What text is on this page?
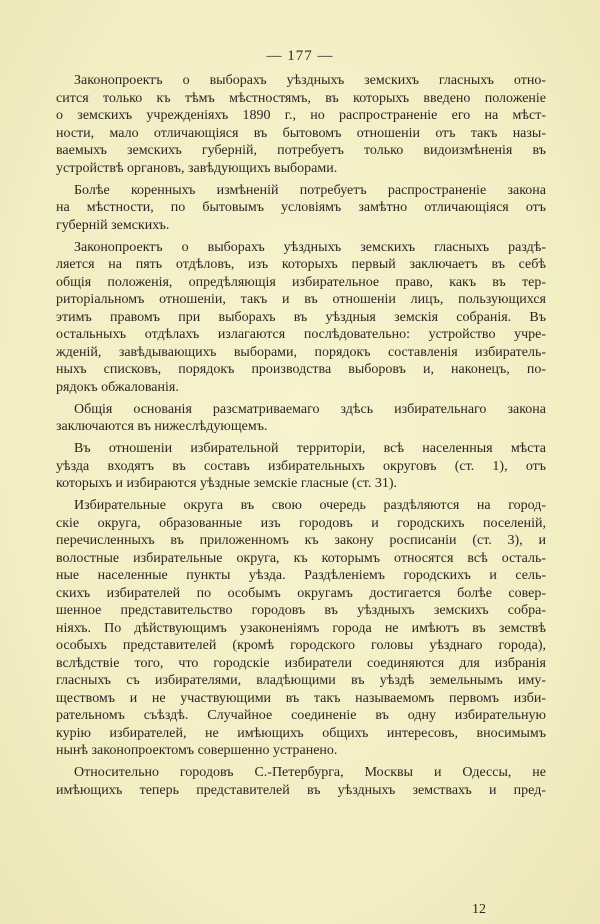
— 177 —
Законопроектъ о выборахъ уѣздныхъ земскихъ гласныхъ отно-
сится только къ тѣмъ мѣстностямъ, въ которыхъ введено положеніе
о земскихъ учрежденіяхъ 1890 г., но распространеніе его на мѣст-
ности, мало отличающіяся въ бытовомъ отношеніи отъ такъ назы-
ваемыхъ земскихъ губерній, потребуетъ только видоизмѣненія въ
устройствѣ органовъ, завѣдующихъ выборами.
Болѣе коренныхъ измѣненій потребуетъ распространеніе закона
на мѣстности, по бытовымъ условіямъ замѣтно отличающіяся отъ
губерній земскихъ.
Законопроектъ о выборахъ уѣздныхъ земскихъ гласныхъ раздѣ-
ляется на пять отдѣловъ, изъ которыхъ первый заключаетъ въ себѣ
общія положенія, опредѣляющія избирательное право, какъ въ тер-
риторіальномъ отношеніи, такъ и въ отношеніи лицъ, пользующихся
этимъ правомъ при выборахъ въ уѣздныя земскія собранія. Въ
остальныхъ отдѣлахъ излагаются послѣдовательно: устройство учре-
жденій, завѣдывающихъ выборами, порядокъ составленія избиратель-
ныхъ списковъ, порядокъ производства выборовъ и, наконецъ, по-
рядокъ обжалованія.
Общія основанія разсматриваемаго здѣсь избирательнаго закона
заключаются въ нижеслѣдующемъ.
Въ отношеніи избирательной территоріи, всѣ населенныя мѣста
уѣзда входятъ въ составъ избирательныхъ округовъ (ст. 1), отъ
которыхъ и избираются уѣздные земскіе гласные (ст. 31).
Избирательные округа въ свою очередь раздѣляются на город-
скіе округа, образованные изъ городовъ и городскихъ поселеній,
перечисленныхъ въ приложенномъ къ закону росписаніи (ст. 3), и
волостные избирательные округа, къ которымъ относятся всѣ осталь-
ные населенные пункты уѣзда. Раздѣленіемъ городскихъ и сель-
скихъ избирателей по особымъ округамъ достигается болѣе совер-
шенное представительство городовъ въ уѣздныхъ земскихъ собра-
ніяхъ. По дѣйствующимъ узаконеніямъ города не имѣютъ въ земствѣ
особыхъ представителей (кромѣ городского головы уѣзднаго города),
вслѣдствіе того, что городскіе избиратели соединяются для избранія
гласныхъ съ избирателями, владѣющими въ уѣздѣ земельнымъ иму-
ществомъ и не участвующими въ такъ называемомъ первомъ изби-
рательномъ съѣздѣ. Случайное соединеніе въ одну избирательную
курію избирателей, не имѣющихъ общихъ интересовъ, вносимымъ
нынѣ законопроектомъ совершенно устранено.
Относительно городовъ С.-Петербурга, Москвы и Одессы, не
имѣющихъ теперь представителей въ уѣздныхъ земствахъ и пред-
12
